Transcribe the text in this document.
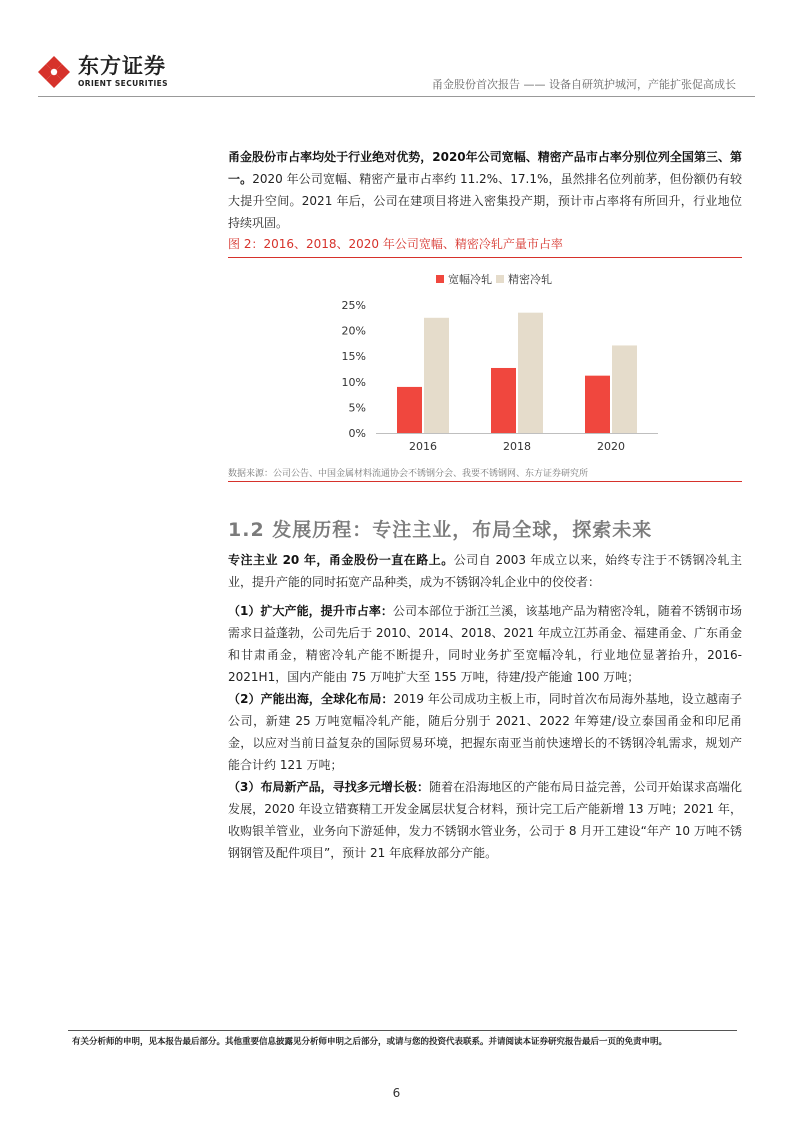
东方证券
ORIENT SECURITIES	甬金股份首次报告 —— 设备自研筑护城河，产能扩张促高成长

甬金股份市占率均处于行业绝对优势，2020年公司宽幅、精密产品市占率分别位列全国第三、第一。2020 年公司宽幅、精密产量市占率约 11.2%、17.1%，虽然排名位列前茅，但份额仍有较大提升空间。2021 年后，公司在建项目将进入密集投产期，预计市占率将有所回升，行业地位持续巩固。

图 2：2016、2018、2020 年公司宽幅、精密冷轧产量市占率
宽幅冷轧 精密冷轧
0%
5%
10%
15%
20%
25%
2016	2018	2020
数据来源：公司公告、中国金属材料流通协会不锈钢分会、我要不锈钢网、东方证券研究所
1.2 发展历程：专注主业，布局全球，探索未来

专注主业 20 年，甬金股份一直在路上。公司自 2003 年成立以来，始终专注于不锈钢冷轧主业，提升产能的同时拓宽产品种类，成为不锈钢冷轧企业中的佼佼者：

（1）扩大产能，提升市占率：公司本部位于浙江兰溪，该基地产品为精密冷轧，随着不锈钢市场需求日益蓬勃，公司先后于 2010、2014、2018、2021 年成立江苏甬金、福建甬金、广东甬金和甘肃甬金，精密冷轧产能不断提升，同时业务扩至宽幅冷轧，行业地位显著抬升，2016-2021H1，国内产能由 75 万吨扩大至 155 万吨，待建/投产能逾 100 万吨；

（2）产能出海，全球化布局：2019 年公司成功主板上市，同时首次布局海外基地，设立越南子公司，新建 25 万吨宽幅冷轧产能，随后分别于 2021、2022 年筹建/设立泰国甬金和印尼甬金，以应对当前日益复杂的国际贸易环境，把握东南亚当前快速增长的不锈钢冷轧需求，规划产能合计约 121 万吨；

（3）布局新产品，寻找多元增长极：随着在沿海地区的产能布局日益完善，公司开始谋求高端化发展，2020 年设立错赛精工开发金属层状复合材料，预计完工后产能新增 13 万吨；2021 年，收购银羊管业，业务向下游延伸，发力不锈钢水管业务，公司于 8 月开工建设“年产 10 万吨不锈钢钢管及配件项目”，预计 21 年底释放部分产能。

有关分析师的申明，见本报告最后部分。其他重要信息披露见分析师申明之后部分，或请与您的投资代表联系。并请阅读本证券研究报告最后一页的免责申明。
6
